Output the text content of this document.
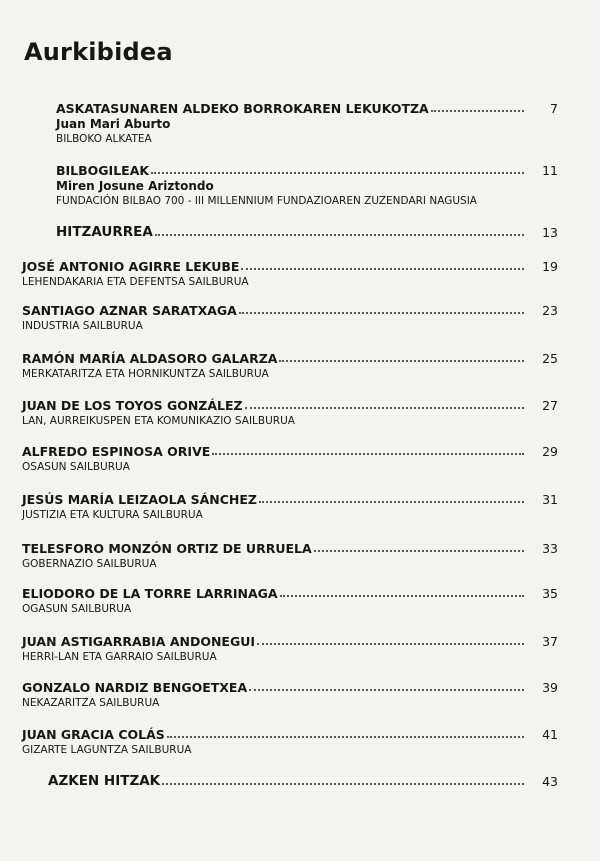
Aurkibidea
ASKATASUNAREN ALDEKO BORROKAREN LEKUKOTZA	7
Juan Mari Aburto
BILBOKO ALKATEA
BILBOGILEAK	11
Miren Josune Ariztondo
FUNDACIÓN BILBAO 700 - III MILLENNIUM FUNDAZIOAREN ZUZENDARI NAGUSIA
HITZAURREA	13
JOSÉ ANTONIO AGIRRE LEKUBE	19
LEHENDAKARIA ETA DEFENTSA SAILBURUA
SANTIAGO AZNAR SARATXAGA	23
INDUSTRIA SAILBURUA
RAMÓN MARÍA ALDASORO GALARZA	25
MERKATARITZA ETA HORNIKUNTZA SAILBURUA
JUAN DE LOS TOYOS GONZÁLEZ	27
LAN, AURREIKUSPEN ETA KOMUNIKAZIO SAILBURUA
ALFREDO ESPINOSA ORIVE	29
OSASUN SAILBURUA
JESÚS MARÍA LEIZAOLA SÁNCHEZ	31
JUSTIZIA ETA KULTURA SAILBURUA
TELESFORO MONZÓN ORTIZ DE URRUELA	33
GOBERNAZIO SAILBURUA
ELIODORO DE LA TORRE LARRINAGA	35
OGASUN SAILBURUA
JUAN ASTIGARRABIA ANDONEGUI	37
HERRI-LAN ETA GARRAIO SAILBURUA
GONZALO NARDIZ BENGOETXEA	39
NEKAZARITZA SAILBURUA
JUAN GRACIA COLÁS	41
GIZARTE LAGUNTZA SAILBURUA
AZKEN HITZAK	43
